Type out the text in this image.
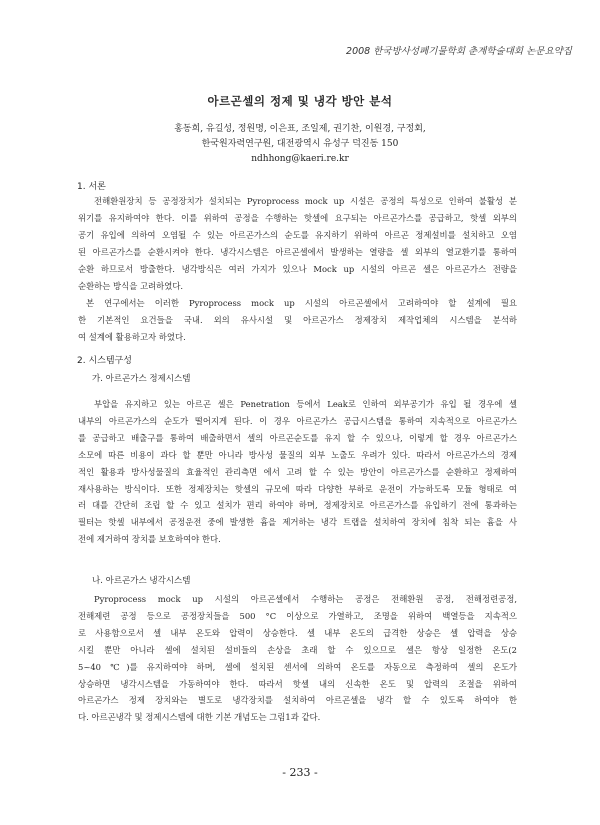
2008 한국방사성폐기물학회 춘계학술대회 논문요약집
아르곤셀의 정제 및 냉각 방안 분석
홍동희, 유길성, 정원명, 이은표, 조일제, 권기찬, 이원경, 구정회,
한국원자력연구원, 대전광역시 유성구 덕진동 150
ndhhong@kaeri.re.kr
1. 서론
전해환원장치 등 공정장치가 설치되는 Pyroprocess mock up 시설은 공정의 특성으로 인하여 불활성 분
위기를 유지하여야 한다. 이를 위하여 공정을 수행하는 핫셀에 요구되는 아르곤가스를 공급하고, 핫셀 외부의
공기 유입에 의하여 오염될 수 있는 아르곤가스의 순도를 유지하기 위하여 아르곤 정제설비를 설치하고 오염
된 아르곤가스를 순환시켜야 한다. 냉각시스템은 아르곤셀에서 발생하는 열량을 셀 외부의 열교환기를 통하여
순환 하므로서 방출한다. 냉각방식은 여러 가지가 있으나 Mock up 시설의 아르곤 셀은 아르곤가스 전량을
순환하는 방식을 고려하였다.
본 연구에서는 이러한 Pyroprocess mock up 시설의 아르곤셀에서 고려하여야 할 설계에 필요
한 기본적인 요건들을 국내. 외의 유사시설 및 아르곤가스 정제장치 제작업체의 시스템을 분석하
여 설계에 활용하고자 하였다.
2. 시스템구성
가. 아르곤가스 정제시스템
부압을 유지하고 있는 아르곤 셀은 Penetration 등에서 Leak로 인하여 외부공기가 유입 될 경우에 셀
내부의 아르곤가스의 순도가 떨어지게 된다. 이 경우 아르곤가스 공급시스템을 통하여 지속적으로 아르곤가스
를 공급하고 배출구를 통하여 배출하면서 셀의 아르곤순도를 유지 할 수 있으나, 이렇게 할 경우 아르곤가스
소모에 따른 비용이 과다 할 뿐만 아니라 방사성 물질의 외부 노출도 우려가 있다. 따라서 아르곤가스의 경제
적인 활용과 방사성물질의 효율적인 관리측면 에서 고려 할 수 있는 방안이 아르곤가스를 순환하고 정제하여
재사용하는 방식이다. 또한 정제장치는 핫셀의 규모에 따라 다양한 부하로 운전이 가능하도록 모듈 형태로 여
러 대를 간단히 조립 할 수 있고 설치가 편리 하여야 하며, 정제장치로 아르곤가스를 유입하기 전에 통과하는
필터는 핫셀 내부에서 공정운전 중에 발생한 흄을 제거하는 냉각 트랩을 설치하여 장치에 침착 되는 흄을 사
전에 제거하여 장치를 보호하여야 한다.
나. 아르곤가스 냉각시스템
Pyroprocess mock up 시설의 아르곤셀에서 수행하는 공정은 전해환원 공정, 전해정련공정,
전해제련 공정 등으로 공정장치들을 500 °C 이상으로 가열하고, 조명을 위하여 백열등을 지속적으
로 사용함으로서 셀 내부 온도와 압력이 상승한다. 셀 내부 온도의 급격한 상승은 셀 압력을 상승
시킬 뿐만 아니라 셀에 설치된 설비들의 손상을 초래 할 수 있으므로 셀은 항상 일정한 온도(2
5~40 ℃)를 유지하여야 하며, 셀에 설치된 센서에 의하여 온도를 자동으로 측정하여 셀의 온도가
상승하면 냉각시스템을 가동하여야 한다. 따라서 핫셀 내의 신속한 온도 및 압력의 조절을 위하여
아르곤가스 정제 장치와는 별도로 냉각장치를 설치하여 아르곤셀을 냉각 할 수 있도록 하여야 한
다. 아르곤냉각 및 정제시스템에 대한 기본 개념도는 그림1과 같다.
- 233 -
